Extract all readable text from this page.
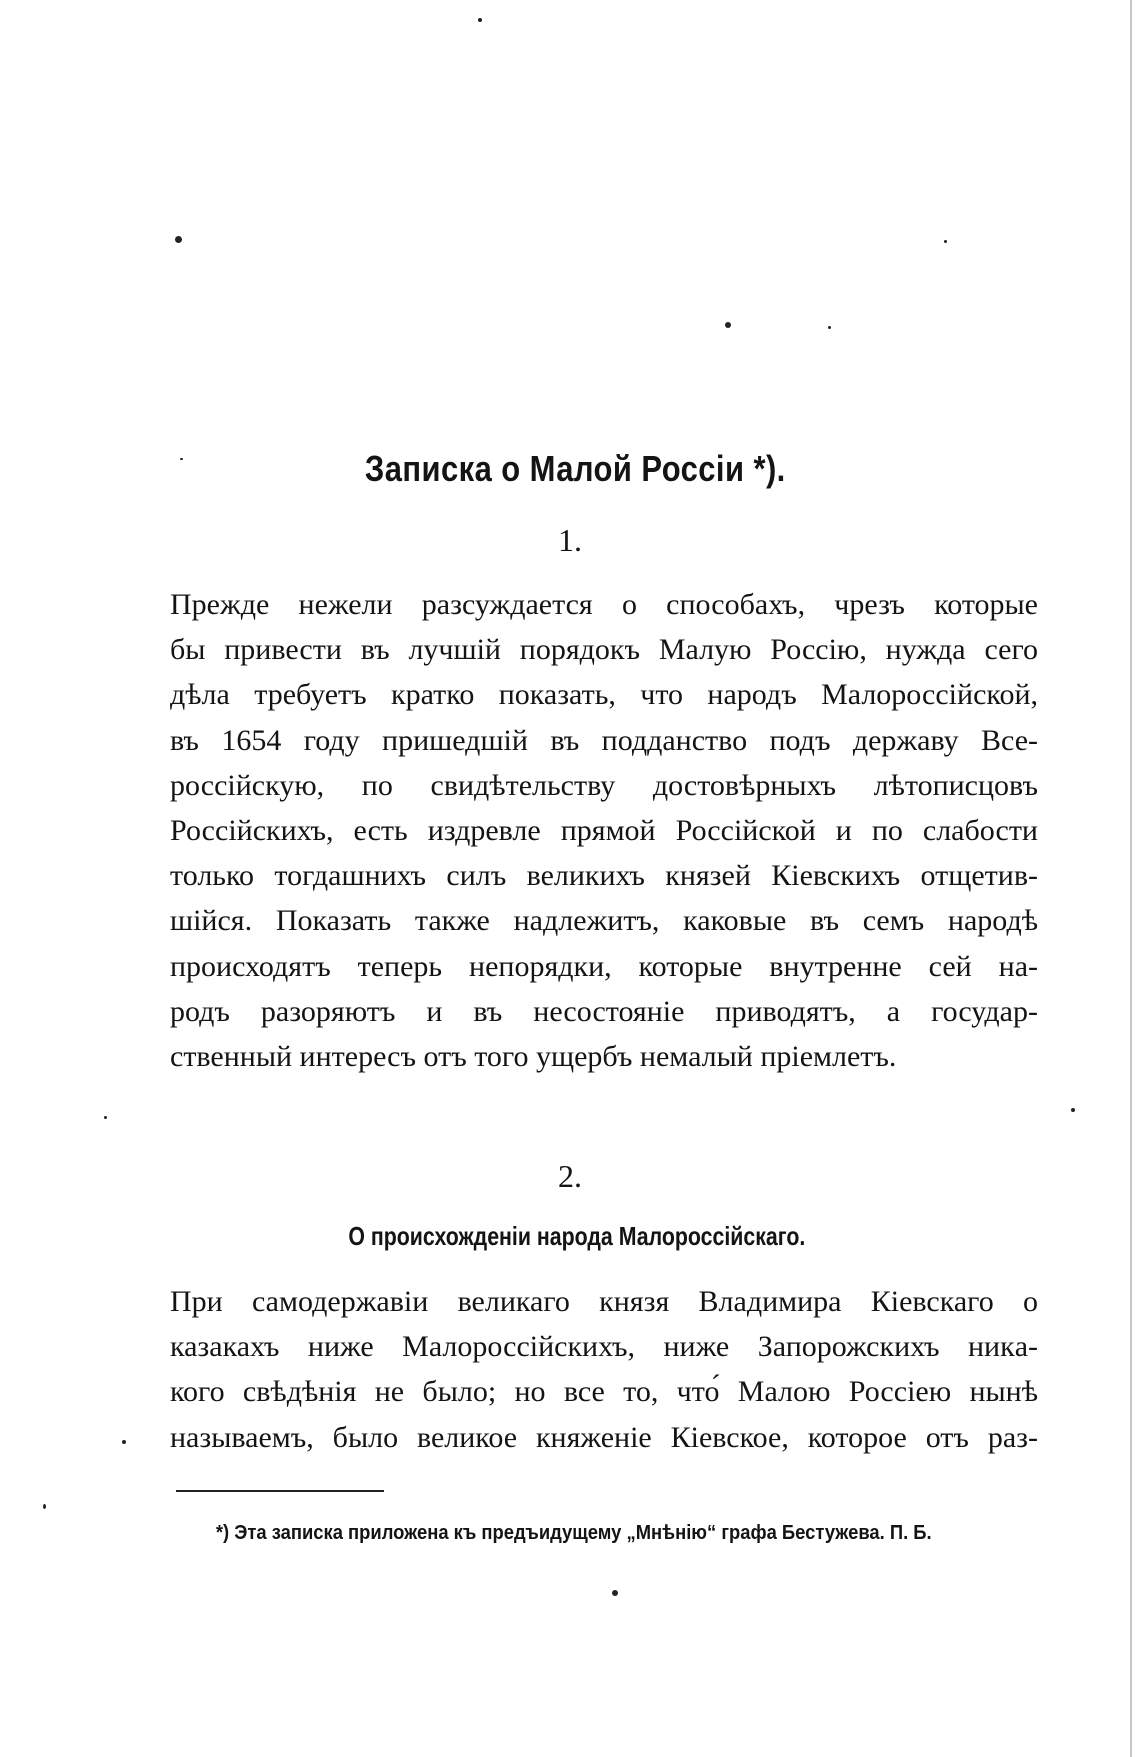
Записка о Малой Россiи *).
1.
Прежде нежели разсуждается о способахъ, чрезъ которые
бы привести въ лучшiй порядокъ Малую Россiю, нужда сего
дѣла требуетъ кратко показать, что народъ Малороссiйской,
въ 1654 году пришедшiй въ подданство подъ державу Все-
россiйскую, по свидѣтельству достовѣрныхъ лѣтописцовъ
Россiйскихъ, есть издревле прямой Россiйской и по слабости
только тогдашнихъ силъ великихъ князей Кiевскихъ отщетив-
шiйся. Показать также надлежитъ, каковые въ семъ народѣ
происходятъ теперь непорядки, которые внутренне сей на-
родъ разоряютъ и въ несостоянiе приводятъ, а государ-
ственный интересъ отъ того ущербъ немалый прiемлетъ.
2.
О происхожденiи народа Малороссiйскаго.
При самодержавiи великаго князя Владимира Кiевскаго о
казакахъ ниже Малороссiйскихъ, ниже Запорожскихъ никa-
кого свѣдѣнiя не было; но все то, что́ Малою Россiею нынѣ
называемъ, было великое княженiе Кiевское, которое отъ раз-
*) Эта записка приложена къ предъидущему „Мнѣнiю“ графа Бестужева. П. Б.
